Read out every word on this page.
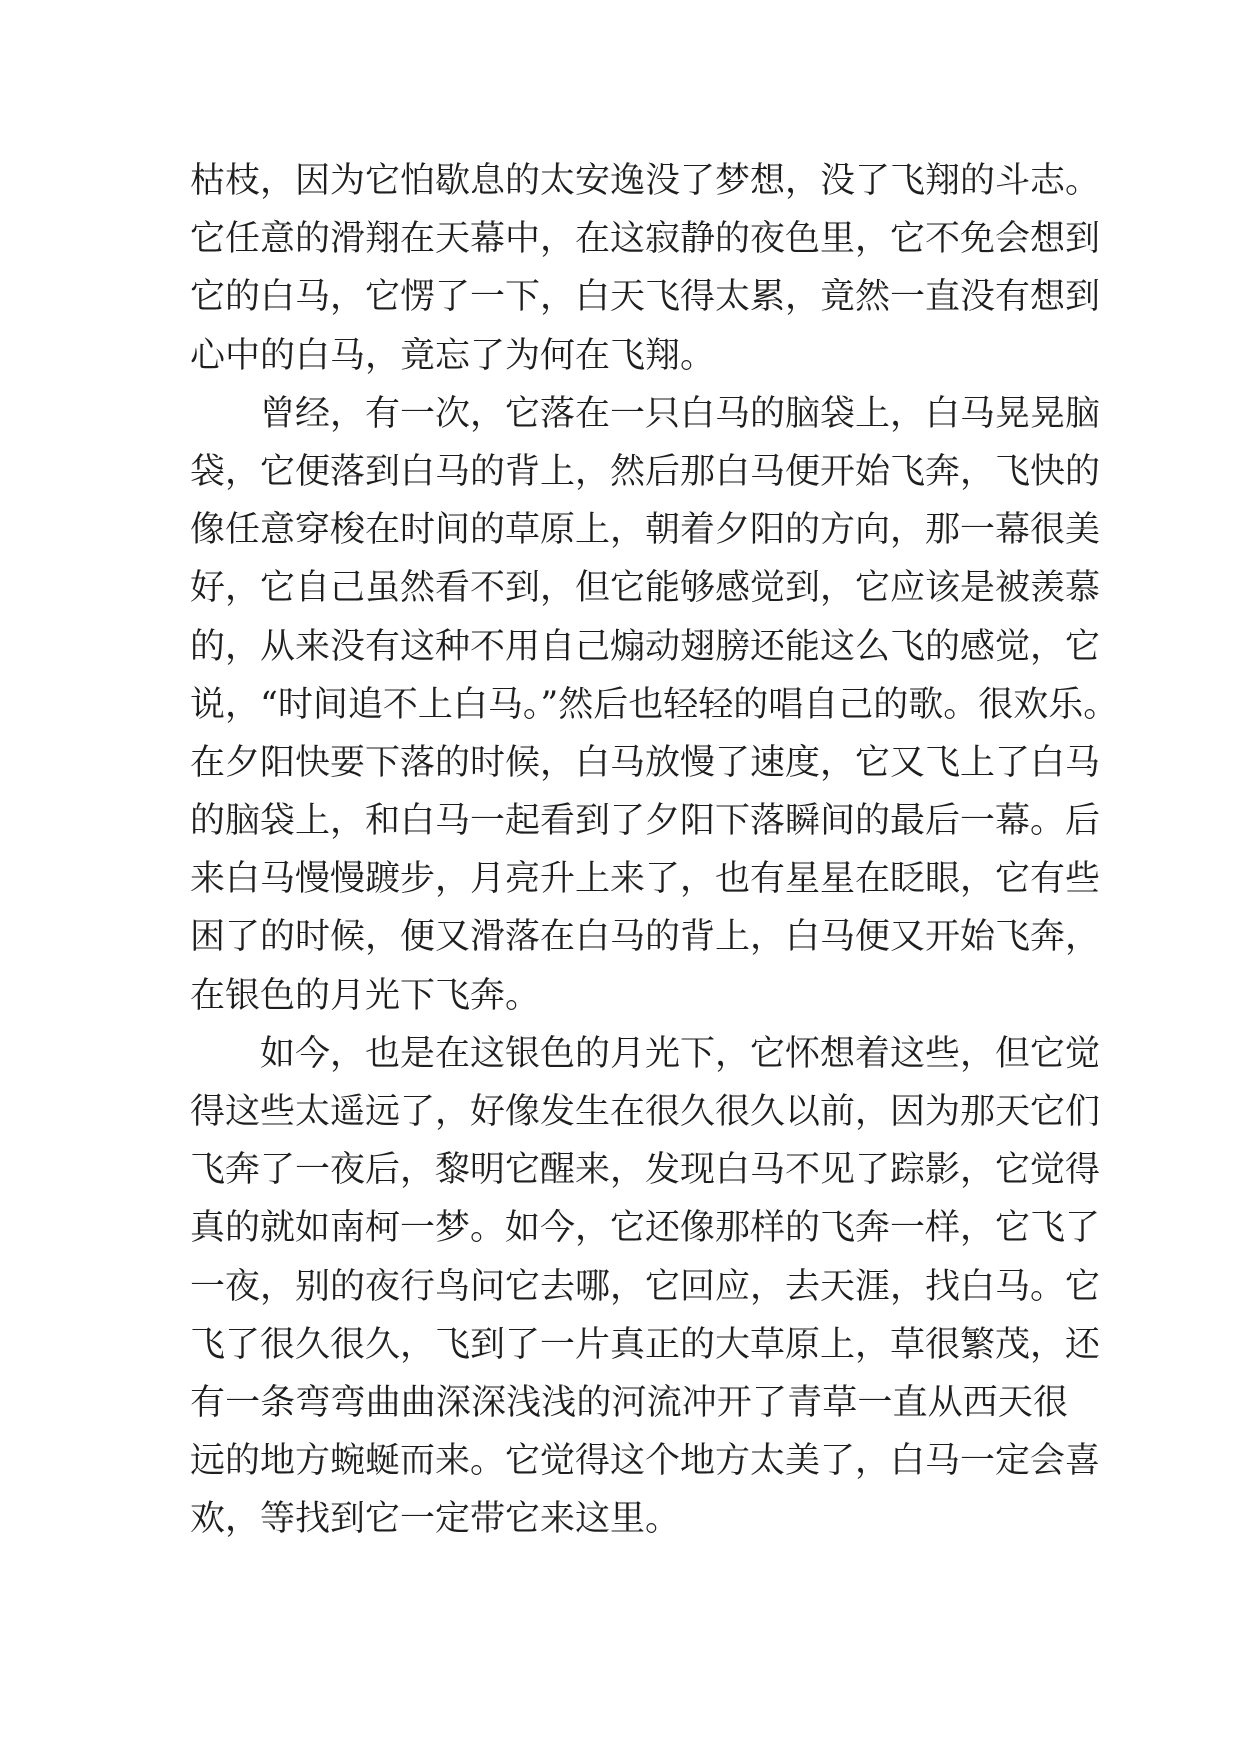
枯枝，因为它怕歇息的太安逸没了梦想，没了飞翔的斗志。
它任意的滑翔在天幕中，在这寂静的夜色里，它不免会想到
它的白马，它愣了一下，白天飞得太累，竟然一直没有想到
心中的白马，竟忘了为何在飞翔。
曾经，有一次，它落在一只白马的脑袋上，白马晃晃脑
袋，它便落到白马的背上，然后那白马便开始飞奔，飞快的
像任意穿梭在时间的草原上，朝着夕阳的方向，那一幕很美
好，它自己虽然看不到，但它能够感觉到，它应该是被羡慕
的，从来没有这种不用自己煽动翅膀还能这么飞的感觉，它
说，“时间追不上白马。”然后也轻轻的唱自己的歌。很欢乐。
在夕阳快要下落的时候，白马放慢了速度，它又飞上了白马
的脑袋上，和白马一起看到了夕阳下落瞬间的最后一幕。后
来白马慢慢踱步，月亮升上来了，也有星星在眨眼，它有些
困了的时候，便又滑落在白马的背上，白马便又开始飞奔，
在银色的月光下飞奔。
如今，也是在这银色的月光下，它怀想着这些，但它觉
得这些太遥远了，好像发生在很久很久以前，因为那天它们
飞奔了一夜后，黎明它醒来，发现白马不见了踪影，它觉得
真的就如南柯一梦。如今，它还像那样的飞奔一样，它飞了
一夜，别的夜行鸟问它去哪，它回应，去天涯，找白马。它
飞了很久很久，飞到了一片真正的大草原上，草很繁茂，还
有一条弯弯曲曲深深浅浅的河流冲开了青草一直从西天很
远的地方蜿蜒而来。它觉得这个地方太美了，白马一定会喜
欢，等找到它一定带它来这里。
